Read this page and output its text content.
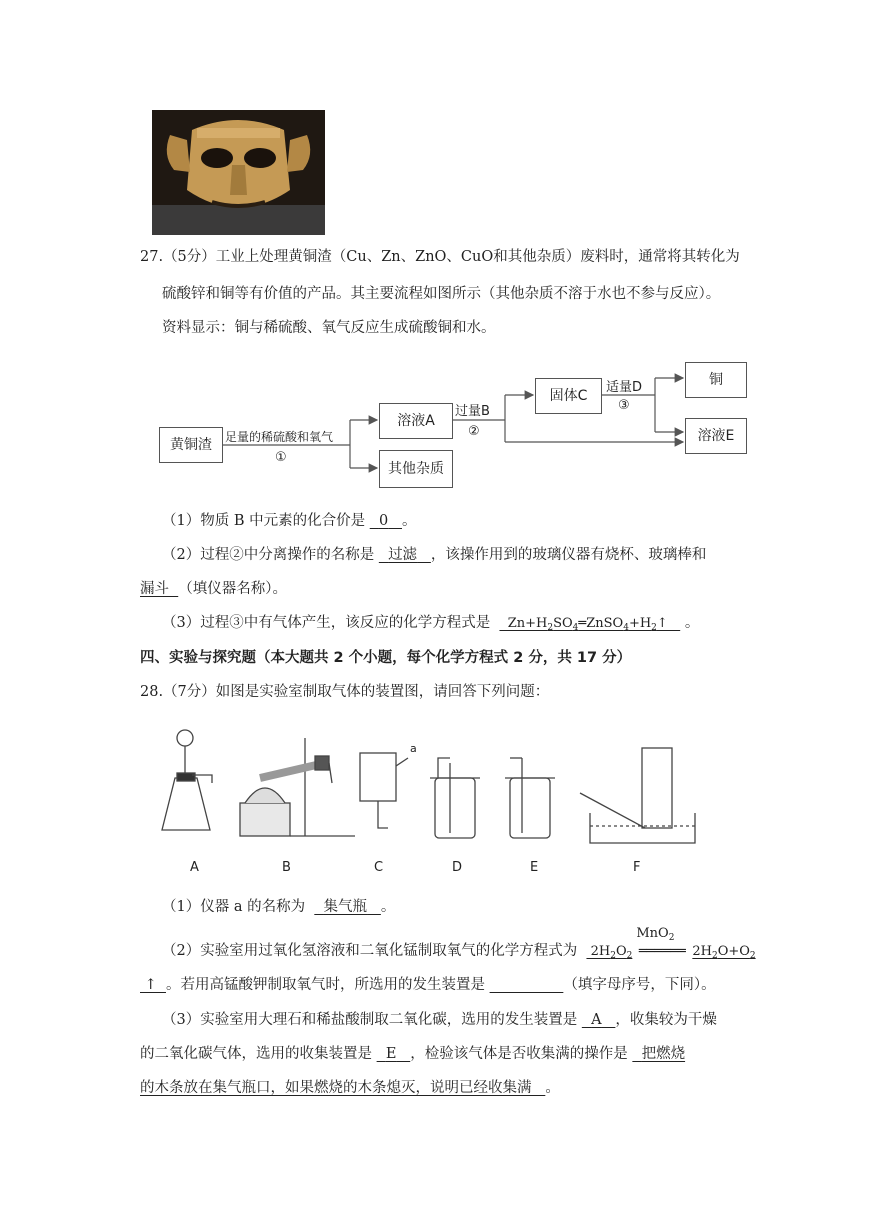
27.（5分）工业上处理黄铜渣（Cu、Zn、ZnO、CuO和其他杂质）废料时，通常将其转化为
硫酸锌和铜等有价值的产品。其主要流程如图所示（其他杂质不溶于水也不参与反应）。
资料显示：铜与稀硫酸、氧气反应生成硫酸铜和水。
黄铜渣	足量的稀硫酸和氧气
①
溶液A
其他杂质
过量B
②
固体C
适量D
③
铜
溶液E
（1）物质 B 中元素的化合价是 0 。
（2）过程②中分离操作的名称是 过滤 ，该操作用到的玻璃仪器有烧杯、玻璃棒和
漏斗 （填仪器名称）。
（3）过程③中有气体产生，该反应的化学方程式是    $Zn+H_2SO_4═ZnSO_4+H_2↑$    。
四、实验与探究题（本大题共 2 个小题，每个化学方程式 2 分，共 17 分）
28.（7分）如图是实验室制取气体的装置图，请回答下列问题：
A	B	C	D	E	F
a
（1）仪器 a 的名称为 集气瓶 。
（2）实验室用过氧化氢溶液和二氧化锰制取氧气的化学方程式为   $2H_2O_2$
MnO$_2$
══════ $2H_2O+O_2$
↑  。若用高锰酸钾制取氧气时，所选用的发生装置是	（填字母序号，下同）。
（3）实验室用大理石和稀盐酸制取二氧化碳，选用的发生装置是 A ，收集较为干燥
的二氧化碳气体，选用的收集装置是 E ，检验该气体是否收集满的操作是 把燃烧
的木条放在集气瓶口，如果燃烧的木条熄灭，说明已经收集满 。
